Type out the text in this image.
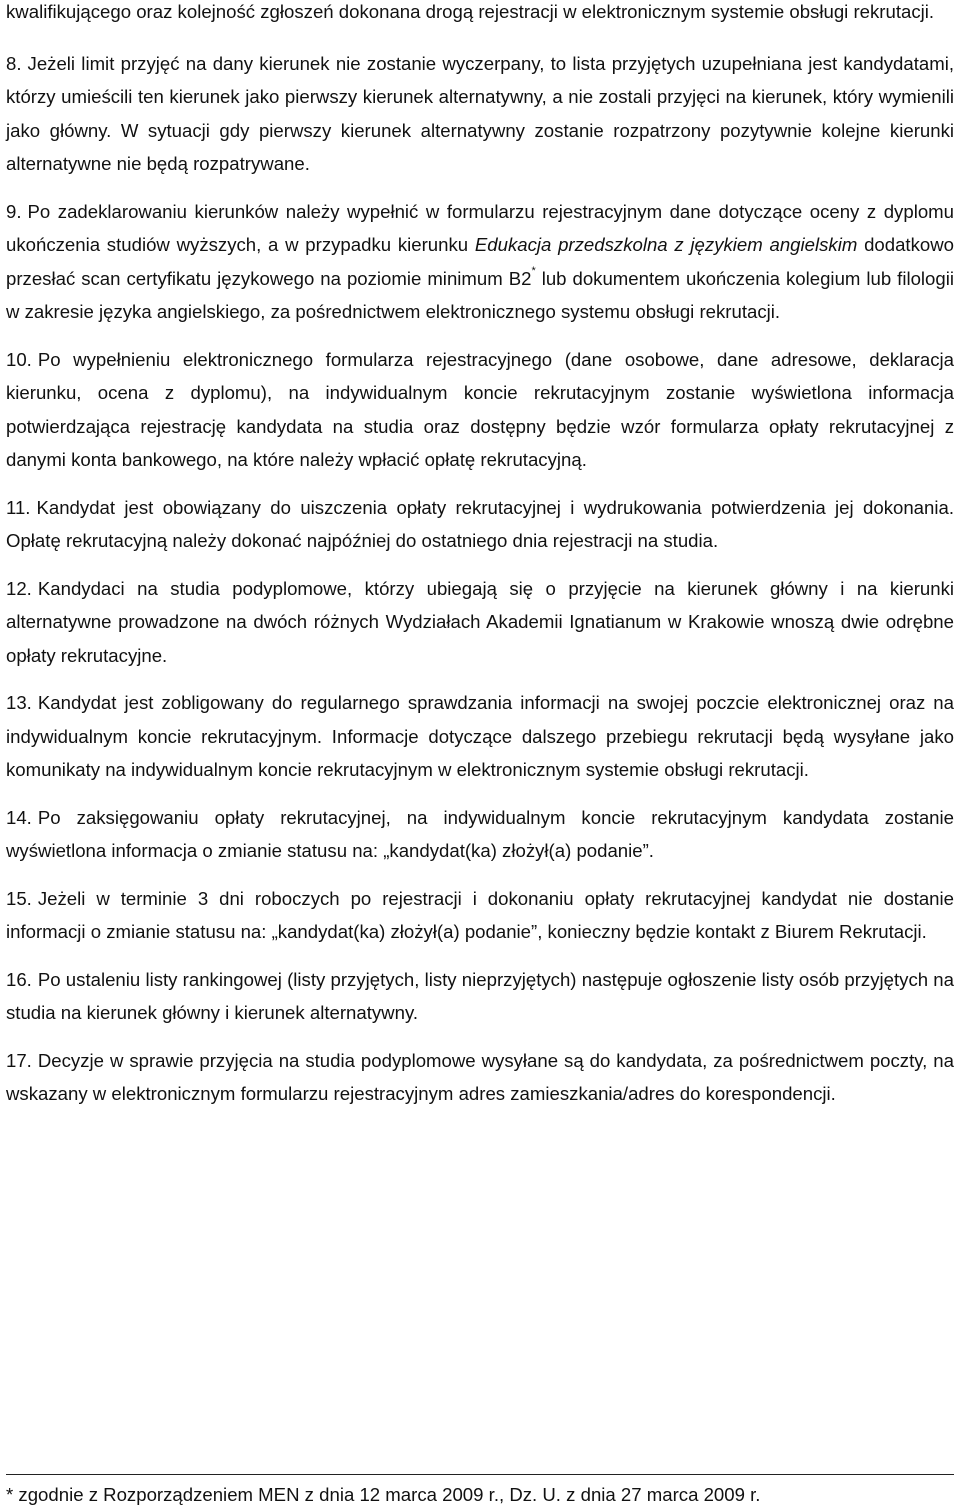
kwalifikującego oraz kolejność zgłoszeń dokonana drogą rejestracji w elektronicznym systemie obsługi rekrutacji.

8. Jeżeli limit przyjęć na dany kierunek nie zostanie wyczerpany, to lista przyjętych uzupełniana jest kandydatami, którzy umieścili ten kierunek jako pierwszy kierunek alternatywny, a nie zostali przyjęci na kierunek, który wymienili jako główny. W sytuacji gdy pierwszy kierunek alternatywny zostanie rozpatrzony pozytywnie kolejne kierunki alternatywne nie będą rozpatrywane.

9. Po zadeklarowaniu kierunków należy wypełnić w formularzu rejestracyjnym dane dotyczące oceny z dyplomu ukończenia studiów wyższych, a w przypadku kierunku Edukacja przedszkolna z językiem angielskim dodatkowo przesłać scan certyfikatu językowego na poziomie minimum B2* lub dokumentem ukończenia kolegium lub filologii w zakresie języka angielskiego, za pośrednictwem elektronicznego systemu obsługi rekrutacji.

10. Po wypełnieniu elektronicznego formularza rejestracyjnego (dane osobowe, dane adresowe, deklaracja kierunku, ocena z dyplomu), na indywidualnym koncie rekrutacyjnym zostanie wyświetlona informacja potwierdzająca rejestrację kandydata na studia oraz dostępny będzie wzór formularza opłaty rekrutacyjnej z danymi konta bankowego, na które należy wpłacić opłatę rekrutacyjną.

11. Kandydat jest obowiązany do uiszczenia opłaty rekrutacyjnej i wydrukowania potwierdzenia jej dokonania. Opłatę rekrutacyjną należy dokonać najpóźniej do ostatniego dnia rejestracji na studia.

12. Kandydaci na studia podyplomowe, którzy ubiegają się o przyjęcie na kierunek główny i na kierunki alternatywne prowadzone na dwóch różnych Wydziałach Akademii Ignatianum w Krakowie wnoszą dwie odrębne opłaty rekrutacyjne.

13. Kandydat jest zobligowany do regularnego sprawdzania informacji na swojej poczcie elektronicznej oraz na indywidualnym koncie rekrutacyjnym. Informacje dotyczące dalszego przebiegu rekrutacji będą wysyłane jako komunikaty na indywidualnym koncie rekrutacyjnym w elektronicznym systemie obsługi rekrutacji.

14. Po zaksięgowaniu opłaty rekrutacyjnej, na indywidualnym koncie rekrutacyjnym kandydata zostanie wyświetlona informacja o zmianie statusu na: „kandydat(ka) złożył(a) podanie”.

15. Jeżeli w terminie 3 dni roboczych po rejestracji i dokonaniu opłaty rekrutacyjnej kandydat nie dostanie informacji o zmianie statusu na: „kandydat(ka) złożył(a) podanie”, konieczny będzie kontakt z Biurem Rekrutacji.

16. Po ustaleniu listy rankingowej (listy przyjętych, listy nieprzyjętych) następuje ogłoszenie listy osób przyjętych na studia na kierunek główny i kierunek alternatywny.

17. Decyzje w sprawie przyjęcia na studia podyplomowe wysyłane są do kandydata, za pośrednictwem poczty, na wskazany w elektronicznym formularzu rejestracyjnym adres zamieszkania/adres do korespondencji.

* zgodnie z Rozporządzeniem MEN z dnia 12 marca 2009 r., Dz. U. z dnia 27 marca 2009 r.
